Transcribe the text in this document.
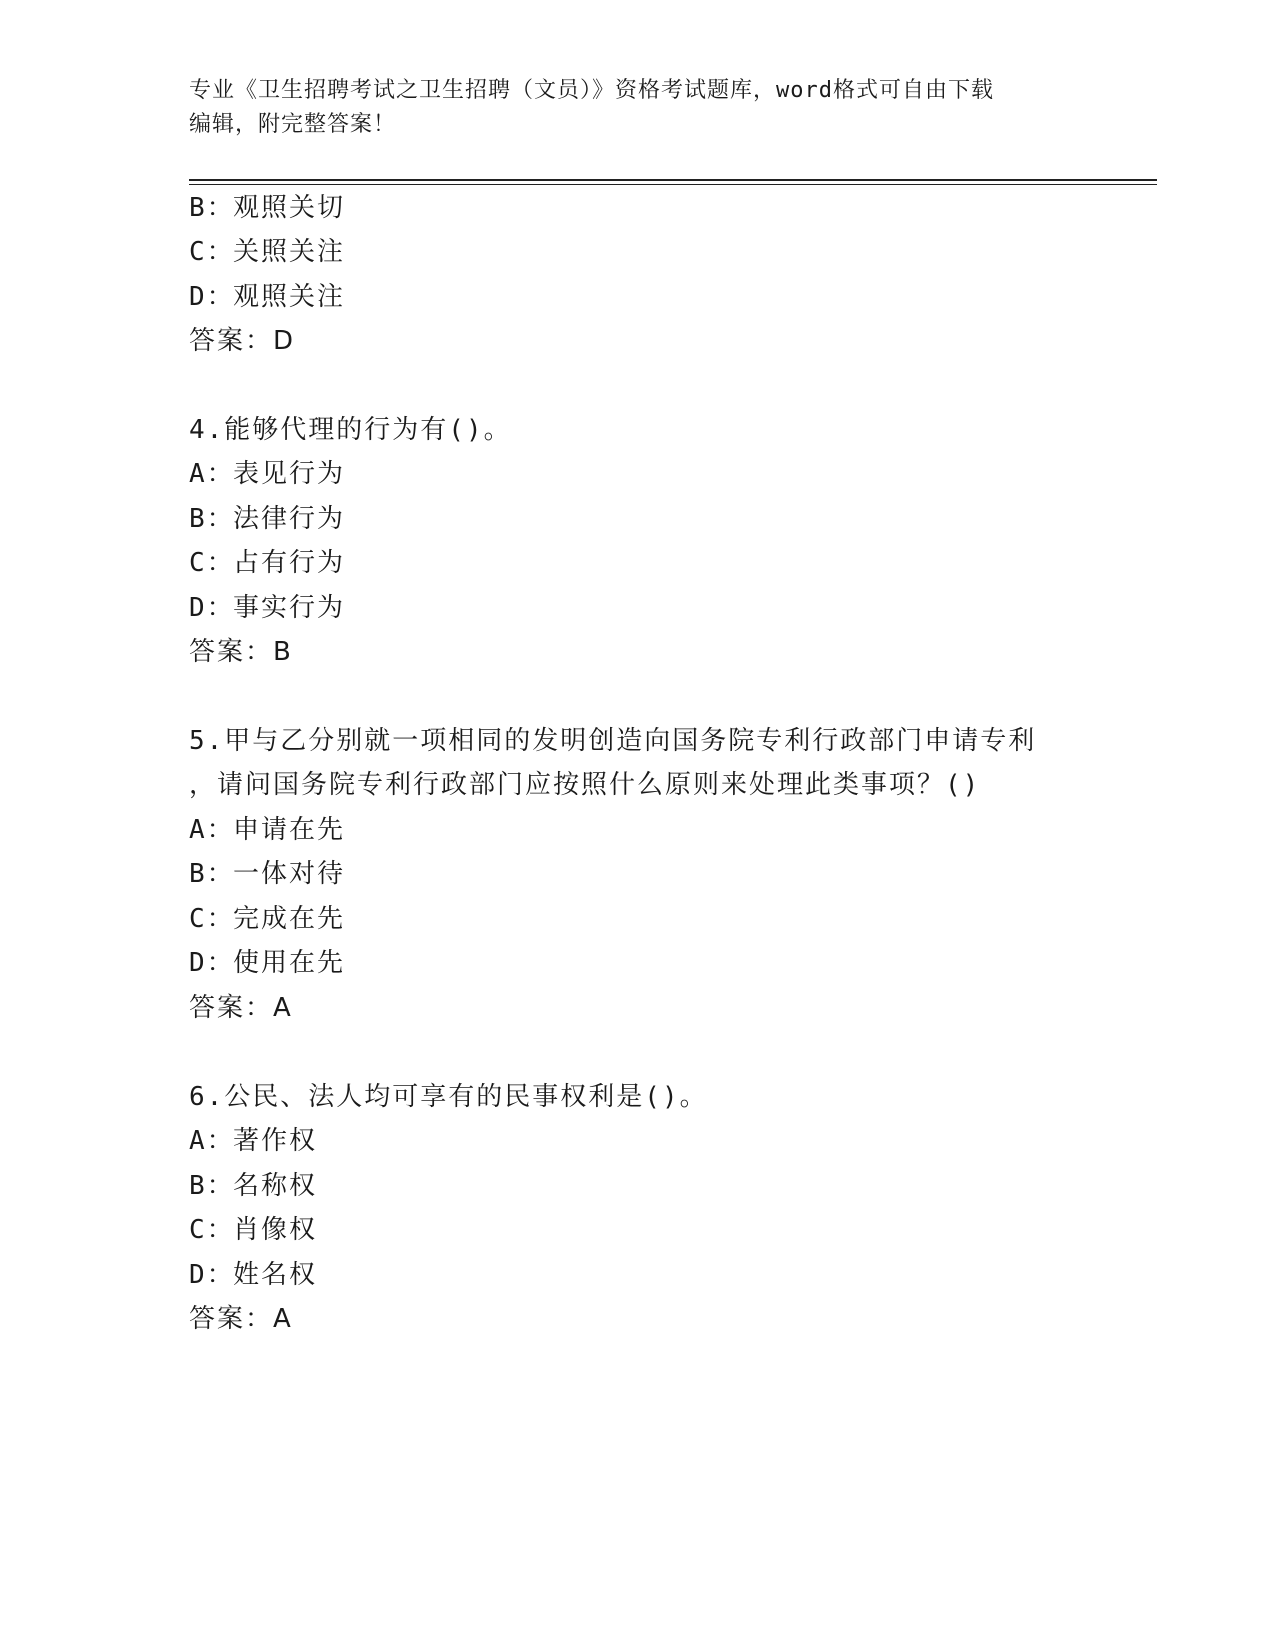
专业《卫生招聘考试之卫生招聘（文员）》资格考试题库，word格式可自由下载
编辑，附完整答案！
B：观照关切
C：关照关注
D：观照关注
答案：D
4.能够代理的行为有()。
A：表见行为
B：法律行为
C：占有行为
D：事实行为
答案：B
5.甲与乙分别就一项相同的发明创造向国务院专利行政部门申请专利
，请问国务院专利行政部门应按照什么原则来处理此类事项？()
A：申请在先
B：一体对待
C：完成在先
D：使用在先
答案：A
6.公民、法人均可享有的民事权利是()。
A：著作权
B：名称权
C：肖像权
D：姓名权
答案：A
